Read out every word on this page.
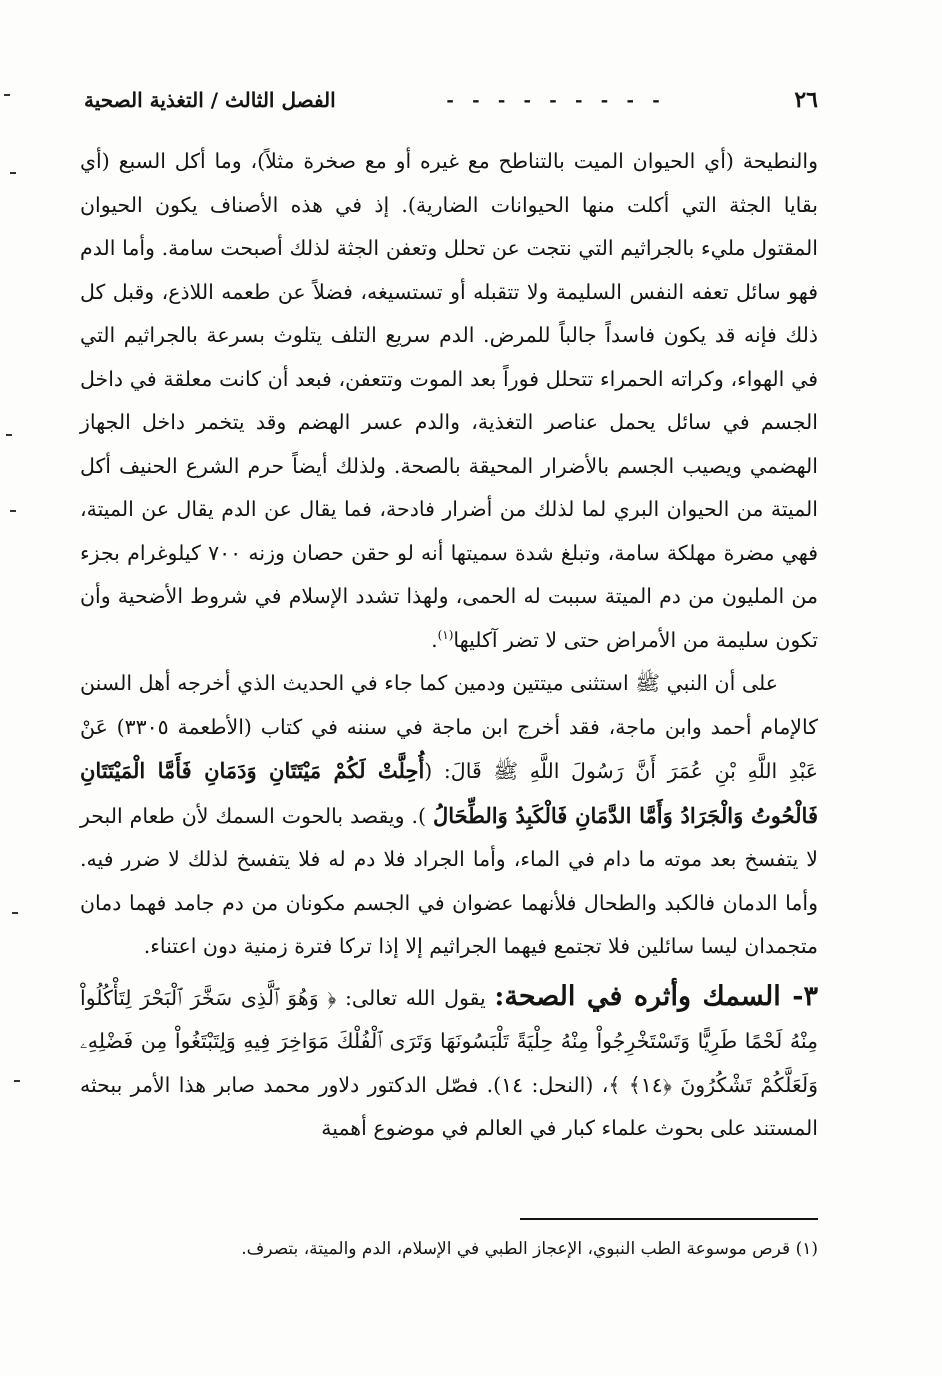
٢٦
- - - - - - - - -
الفصل الثالث / التغذية الصحية

والنطيحة (أي الحيوان الميت بالتناطح مع غيره أو مع صخرة مثلاً)، وما أكل السبع (أي بقايا الجثة التي أكلت منها الحيوانات الضارية). إذ في هذه الأصناف يكون الحيوان المقتول مليء بالجراثيم التي نتجت عن تحلل وتعفن الجثة لذلك أصبحت سامة. وأما الدم فهو سائل تعفه النفس السليمة ولا تتقبله أو تستسيغه، فضلاً عن طعمه اللاذع، وقبل كل ذلك فإنه قد يكون فاسداً جالباً للمرض. الدم سريع التلف يتلوث بسرعة بالجراثيم التي في الهواء، وكراته الحمراء تتحلل فوراً بعد الموت وتتعفن، فبعد أن كانت معلقة في داخل الجسم في سائل يحمل عناصر التغذية، والدم عسر الهضم وقد يتخمر داخل الجهاز الهضمي ويصيب الجسم بالأضرار المحيقة بالصحة. ولذلك أيضاً حرم الشرع الحنيف أكل الميتة من الحيوان البري لما لذلك من أضرار فادحة، فما يقال عن الدم يقال عن الميتة، فهي مضرة مهلكة سامة، وتبلغ شدة سميتها أنه لو حقن حصان وزنه ٧٠٠ كيلوغرام بجزء من المليون من دم الميتة سببت له الحمى، ولهذا تشدد الإسلام في شروط الأضحية وأن تكون سليمة من الأمراض حتى لا تضر آكليها$^{(١)}$.

على أن النبي ﷺ استثنى ميتتين ودمين كما جاء في الحديث الذي أخرجه أهل السنن كالإمام أحمد وابن ماجة، فقد أخرج ابن ماجة في سننه في كتاب (الأطعمة ٣٣٠٥) عَنْ عَبْدِ اللَّهِ بْنِ عُمَرَ أَنَّ رَسُولَ اللَّهِ ﷺ قَالَ: (أُحِلَّتْ لَكُمْ مَيْتَتَانِ وَدَمَانِ فَأَمَّا الْمَيْتَتَانِ فَالْحُوتُ وَالْجَرَادُ وَأَمَّا الدَّمَانِ فَالْكَبِدُ وَالطِّحَالُ ). ويقصد بالحوت السمك لأن طعام البحر لا يتفسخ بعد موته ما دام في الماء، وأما الجراد فلا دم له فلا يتفسخ لذلك لا ضرر فيه. وأما الدمان فالكبد والطحال فلأنهما عضوان في الجسم مكونان من دم جامد فهما دمان متجمدان ليسا سائلين فلا تجتمع فيهما الجراثيم إلا إذا تركا فترة زمنية دون اعتناء.

٣- السمك وأثره في الصحة: يقول الله تعالى: ﴿ وَهُوَ ٱلَّذِى سَخَّرَ ٱلْبَحْرَ لِتَأْكُلُواْ مِنْهُ لَحْمًا طَرِيًّا وَتَسْتَخْرِجُواْ مِنْهُ حِلْيَةً تَلْبَسُونَهَا وَتَرَى ٱلْفُلْكَ مَوَاخِرَ فِيهِ وَلِتَبْتَغُواْ مِن فَضْلِهِۦ وَلَعَلَّكُمْ تَشْكُرُونَ ﴿١٤﴾ ﴾، (النحل: ١٤). فصّل الدكتور دلاور محمد صابر هذا الأمر ببحثه المستند على بحوث علماء كبار في العالم في موضوع أهمية

(١) قرص موسوعة الطب النبوي، الإعجاز الطبي في الإسلام، الدم والميتة، بتصرف.
